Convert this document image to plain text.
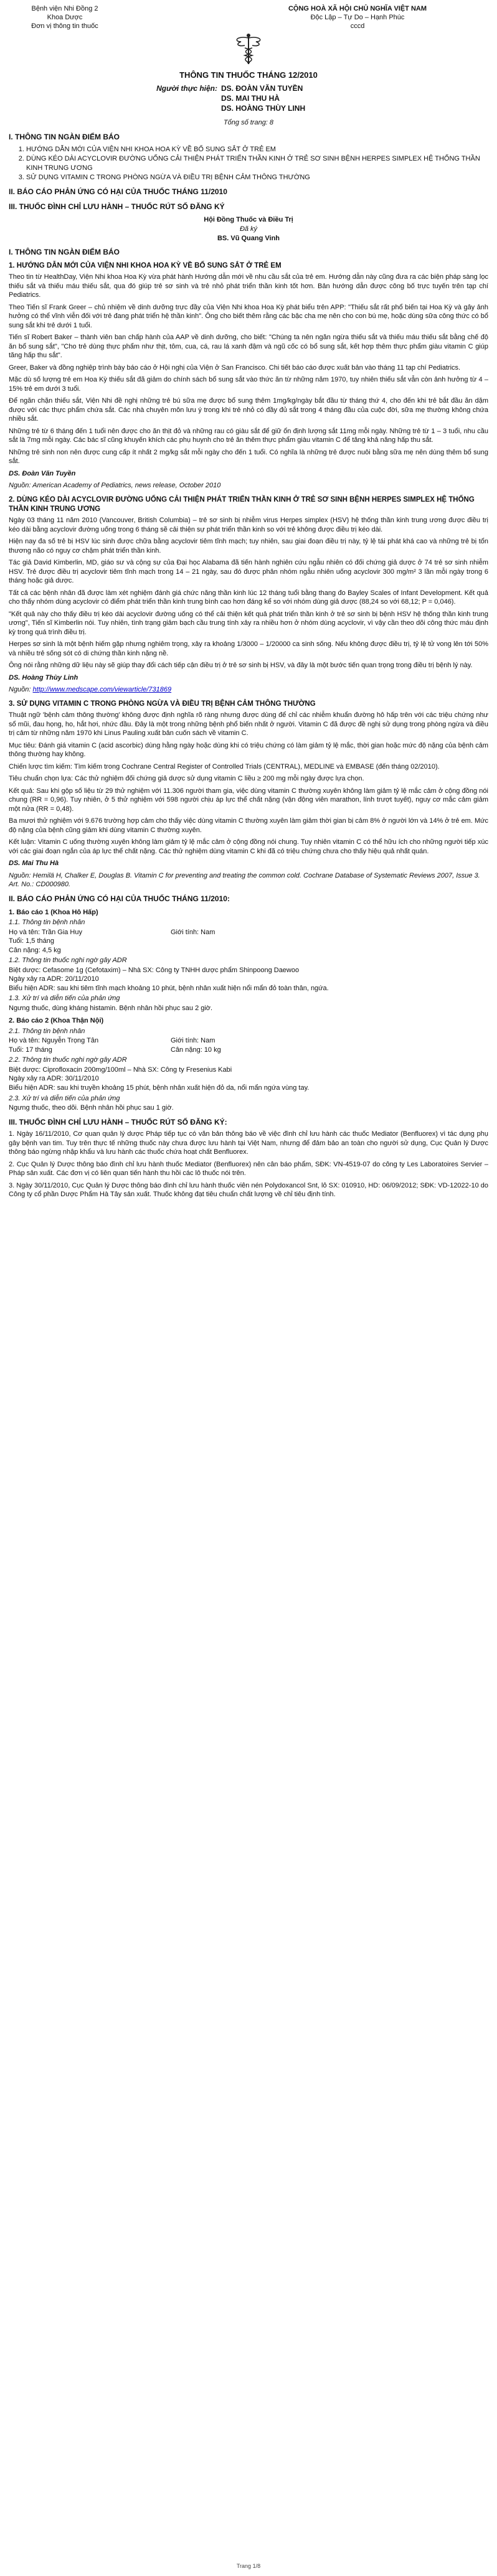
Bệnh viện Nhi Đồng 2
Khoa Dược
Đơn vị thông tin thuốc
CỘNG HOÀ XÃ HỘI CHỦ NGHĨA VIỆT NAM
Độc Lập – Tự Do – Hạnh Phúc
cccd
THÔNG TIN THUỐC THÁNG 12/2010
Người thực hiện: DS. ĐOÀN VĂN TUYỀN
DS. MAI THU HÀ
DS. HOÀNG THÙY LINH
Tổng số trang: 8
I. THÔNG TIN NGÀN ĐIỂM BÁO
1. HƯỚNG DẪN MỚI CỦA VIỆN NHI KHOA HOA KỲ VỀ BỔ SUNG SẮT Ở TRẺ EM
2. DÙNG KÉO DÀI ACYCLOVIR ĐƯỜNG UỐNG CẢI THIỆN PHÁT TRIỂN THẦN KINH Ở TRẺ SƠ SINH BỆNH HERPES SIMPLEX HỆ THỐNG THẦN KINH TRUNG ƯƠNG
3. SỬ DỤNG VITAMIN C TRONG PHÒNG NGỪA VÀ ĐIỀU TRỊ BỆNH CẢM THÔNG THƯỜNG
II. BÁO CÁO PHẢN ỨNG CÓ HẠI CỦA THUỐC THÁNG 11/2010
III. THUỐC ĐÌNH CHỈ LƯU HÀNH – THUỐC RÚT SỐ ĐĂNG KÝ
Hội Đồng Thuốc và Điều Trị
Đã ký
BS. Vũ Quang Vinh
I. THÔNG TIN NGÀN ĐIỂM BÁO
1. HƯỚNG DẪN MỚI CỦA VIỆN NHI KHOA HOA KỲ VỀ BỔ SUNG SẮT Ở TRẺ EM

Theo tin từ HealthDay, Viện Nhi khoa Hoa Kỳ vừa phát hành Hướng dẫn mới về nhu cầu sắt của trẻ em. Hướng dẫn này cũng đưa ra các biện pháp sàng lọc thiếu sắt và thiếu máu thiếu sắt, qua đó giúp trẻ sơ sinh và trẻ nhỏ phát triển thần kinh tốt hơn. Bản hướng dẫn được công bố trực tuyến trên tạp chí Pediatrics.

Theo Tiến sĩ Frank Greer – chủ nhiệm về dinh dưỡng trực đầy của Viện Nhi khoa Hoa Kỳ phát biểu trên APP: "Thiếu sắt rất phổ biến tại Hoa Kỳ và gây ảnh hưởng có thể vĩnh viễn đối với trẻ đang phát triển hệ thần kinh". Ông cho biết thêm rằng các bậc cha mẹ nên cho con bú mẹ, hoặc dùng sữa công thức có bổ sung sắt khi trẻ dưới 1 tuổi.

Tiến sĩ Robert Baker – thành viên ban chấp hành của AAP về dinh dưỡng, cho biết: "Chúng ta nên ngăn ngừa thiếu sắt và thiếu máu thiếu sắt bằng chế độ ăn bổ sung sắt", "Cho trẻ dùng thực phẩm như thịt, tôm, cua, cá, rau lá xanh đậm và ngũ cốc có bổ sung sắt, kết hợp thêm thực phẩm giàu vitamin C giúp tăng hấp thu sắt".

Greer, Baker và đồng nghiệp trình bày báo cáo ở Hội nghị của Viện ở San Francisco. Chi tiết báo cáo được xuất bản vào tháng 11 tạp chí Pediatrics.

Mặc dù số lượng trẻ em Hoa Kỳ thiếu sắt đã giảm do chính sách bổ sung sắt vào thức ăn từ những năm 1970, tuy nhiên thiếu sắt vẫn còn ảnh hưởng từ 4 – 15% trẻ em dưới 3 tuổi.

Để ngăn chặn thiếu sắt, Viện Nhi đề nghị những trẻ bú sữa mẹ được bổ sung thêm 1mg/kg/ngày bắt đầu từ tháng thứ 4, cho đến khi trẻ bắt đầu ăn dặm được với các thực phẩm chứa sắt. Các nhà chuyên môn lưu ý trong khi trẻ nhỏ có đầy đủ sắt trong 4 tháng đầu của cuộc đời, sữa mẹ thường không chứa nhiều sắt.

Những trẻ từ 6 tháng đến 1 tuổi nên được cho ăn thịt đỏ và những rau có giàu sắt để giữ ổn định lượng sắt 11mg mỗi ngày. Những trẻ từ 1 – 3 tuổi, nhu cầu sắt là 7mg mỗi ngày. Các bác sĩ cũng khuyến khích các phụ huynh cho trẻ ăn thêm thực phẩm giàu vitamin C để tăng khả năng hấp thu sắt.

Những trẻ sinh non nên được cung cấp ít nhất 2 mg/kg sắt mỗi ngày cho đến 1 tuổi. Có nghĩa là những trẻ được nuôi bằng sữa mẹ nên dùng thêm bổ sung sắt.

DS. Đoàn Văn Tuyền
Nguồn: American Academy of Pediatrics, news release, October 2010
2. DÙNG KÉO DÀI ACYCLOVIR ĐƯỜNG UỐNG CẢI THIỆN PHÁT TRIỂN THẦN KINH Ở TRẺ SƠ SINH BỆNH HERPES SIMPLEX HỆ THỐNG THẦN KINH TRUNG ƯƠNG

Ngày 03 tháng 11 năm 2010 (Vancouver, British Columbia) – trẻ sơ sinh bị nhiễm virus Herpes simplex (HSV) hệ thống thần kinh trung ương được điều trị kéo dài bằng acyclovir đường uống trong 6 tháng sẽ cải thiện sự phát triển thần kinh so với trẻ không được điều trị kéo dài.

Hiện nay đa số trẻ bị HSV lúc sinh được chữa bằng acyclovir tiêm tĩnh mạch; tuy nhiên, sau giai đoạn điều trị này, tỷ lệ tái phát khá cao và những trẻ bị tổn thương não có nguy cơ chậm phát triển thần kinh.

Tác giả David Kimberlin, MD, giáo sư và cộng sự của Đại học Alabama đã tiến hành nghiên cứu ngẫu nhiên có đối chứng giả dược ở 74 trẻ sơ sinh nhiễm HSV. Trẻ được điều trị acyclovir tiêm tĩnh mạch trong 14 – 21 ngày, sau đó được phân nhóm ngẫu nhiên uống acyclovir 300 mg/m² 3 lần mỗi ngày trong 6 tháng hoặc giả dược.

Tất cả các bệnh nhân đã được làm xét nghiệm đánh giá chức năng thần kinh lúc 12 tháng tuổi bằng thang đo Bayley Scales of Infant Development. Kết quả cho thấy nhóm dùng acyclovir có điểm phát triển thần kinh trung bình cao hơn đáng kể so với nhóm dùng giả dược (88,24 so với 68,12; P = 0,046).

"Kết quả này cho thấy điều trị kéo dài acyclovir đường uống có thể cải thiện kết quả phát triển thần kinh ở trẻ sơ sinh bị bệnh HSV hệ thống thần kinh trung ương", Tiến sĩ Kimberlin nói. Tuy nhiên, tình trạng giảm bạch cầu trung tính xảy ra nhiều hơn ở nhóm dùng acyclovir, vì vậy cần theo dõi công thức máu định kỳ trong quá trình điều trị.

Herpes sơ sinh là một bệnh hiếm gặp nhưng nghiêm trọng, xảy ra khoảng 1/3000 – 1/20000 ca sinh sống. Nếu không được điều trị, tỷ lệ tử vong lên tới 50% và nhiều trẻ sống sót có di chứng thần kinh nặng nề.

Ông nói rằng những dữ liệu này sẽ giúp thay đổi cách tiếp cận điều trị ở trẻ sơ sinh bị HSV, và đây là một bước tiến quan trọng trong điều trị bệnh lý này.

DS. Hoàng Thùy Linh
Nguồn: http://www.medscape.com/viewarticle/731869
3. SỬ DỤNG VITAMIN C TRONG PHÒNG NGỪA VÀ ĐIỀU TRỊ BỆNH CẢM THÔNG THƯỜNG

Thuật ngữ 'bệnh cảm thông thường' không được định nghĩa rõ ràng nhưng được dùng để chỉ các nhiễm khuẩn đường hô hấp trên với các triệu chứng như sổ mũi, đau họng, ho, hắt hơi, nhức đầu. Đây là một trong những bệnh phổ biến nhất ở người. Vitamin C đã được đề nghị sử dụng trong phòng ngừa và điều trị cảm từ những năm 1970 khi Linus Pauling xuất bản cuốn sách về vitamin C.

Mục tiêu: Đánh giá vitamin C (acid ascorbic) dùng hằng ngày hoặc dùng khi có triệu chứng có làm giảm tỷ lệ mắc, thời gian hoặc mức độ nặng của bệnh cảm thông thường hay không.

Chiến lược tìm kiếm: Tìm kiếm trong Cochrane Central Register of Controlled Trials (CENTRAL), MEDLINE và EMBASE (đến tháng 02/2010).

Tiêu chuẩn chọn lựa: Các thử nghiệm đối chứng giả dược sử dụng vitamin C liều ≥ 200 mg mỗi ngày được lựa chọn.

Kết quả: Sau khi gộp số liệu từ 29 thử nghiệm với 11.306 người tham gia, việc dùng vitamin C thường xuyên không làm giảm tỷ lệ mắc cảm ở cộng đồng nói chung (RR = 0,96). Tuy nhiên, ở 5 thử nghiệm với 598 người chịu áp lực thể chất nặng (vận động viên marathon, lính trượt tuyết), nguy cơ mắc cảm giảm một nửa (RR = 0,48).

Ba mươi thử nghiệm với 9.676 trường hợp cảm cho thấy việc dùng vitamin C thường xuyên làm giảm thời gian bị cảm 8% ở người lớn và 14% ở trẻ em. Mức độ nặng của bệnh cũng giảm khi dùng vitamin C thường xuyên.

Kết luận: Vitamin C uống thường xuyên không làm giảm tỷ lệ mắc cảm ở cộng đồng nói chung. Tuy nhiên vitamin C có thể hữu ích cho những người tiếp xúc với các giai đoạn ngắn của áp lực thể chất nặng. Các thử nghiệm dùng vitamin C khi đã có triệu chứng chưa cho thấy hiệu quả nhất quán.

DS. Mai Thu Hà
Nguồn: Hemilä H, Chalker E, Douglas B. Vitamin C for preventing and treating the common cold. Cochrane Database of Systematic Reviews 2007, Issue 3. Art. No.: CD000980.
II. BÁO CÁO PHẢN ỨNG CÓ HẠI CỦA THUỐC THÁNG 11/2010:
1. Báo cáo 1 (Khoa Hô Hấp)
1.1. Thông tin bệnh nhân
Họ và tên: Trần Gia Huy	Giới tính: Nam
Tuổi: 1,5 tháng
Cân nặng: 4,5 kg
1.2. Thông tin thuốc nghi ngờ gây ADR
Biệt dược: Cefasome 1g (Cefotaxim) – Nhà SX: Công ty TNHH dược phẩm Shinpoong Daewoo
Ngày xảy ra ADR: 20/11/2010
Biểu hiện ADR: sau khi tiêm tĩnh mạch khoảng 10 phút, bệnh nhân xuất hiện nổi mẩn đỏ toàn thân, ngứa.
1.3. Xử trí và diễn tiến của phản ứng
Ngưng thuốc, dùng kháng histamin. Bệnh nhân hồi phục sau 2 giờ.
2. Báo cáo 2 (Khoa Thận Nội)
2.1. Thông tin bệnh nhân
Họ và tên: Nguyễn Trọng Tân	Giới tính: Nam
Tuổi: 17 tháng	Cân nặng: 10 kg
2.2. Thông tin thuốc nghi ngờ gây ADR
Biệt dược: Ciprofloxacin 200mg/100ml – Nhà SX: Công ty Fresenius Kabi
Ngày xảy ra ADR: 30/11/2010
Biểu hiện ADR: sau khi truyền khoảng 15 phút, bệnh nhân xuất hiện đỏ da, nổi mẩn ngứa vùng tay.
2.3. Xử trí và diễn tiến của phản ứng
Ngưng thuốc, theo dõi. Bệnh nhân hồi phục sau 1 giờ.
III. THUỐC ĐÌNH CHỈ LƯU HÀNH – THUỐC RÚT SỐ ĐĂNG KÝ:

1. Ngày 16/11/2010, Cơ quan quản lý dược Pháp tiếp tục có văn bản thông báo về việc đình chỉ lưu hành các thuốc Mediator (Benfluorex) vì tác dụng phụ gây bệnh van tim. Tuy trên thực tế những thuốc này chưa được lưu hành tại Việt Nam, nhưng để đảm bảo an toàn cho người sử dụng, Cục Quản lý Dược thông báo ngừng nhập khẩu và lưu hành các thuốc chứa hoạt chất Benfluorex.

2. Cục Quản lý Dược thông báo đình chỉ lưu hành thuốc Mediator (Benfluorex) nên cân báo phẩm, SĐK: VN-4519-07 do công ty Les Laboratoires Servier – Pháp sản xuất. Các đơn vị có liên quan tiến hành thu hồi các lô thuốc nói trên.

3. Ngày 30/11/2010, Cục Quản lý Dược thông báo đình chỉ lưu hành thuốc viên nén Polydoxancol Snt, lô SX: 010910, HD: 06/09/2012; SĐK: VD-12022-10 do Công ty cổ phần Dược Phẩm Hà Tây sản xuất. Thuốc không đạt tiêu chuẩn chất lượng về chỉ tiêu định tính.

Trang 1/8
